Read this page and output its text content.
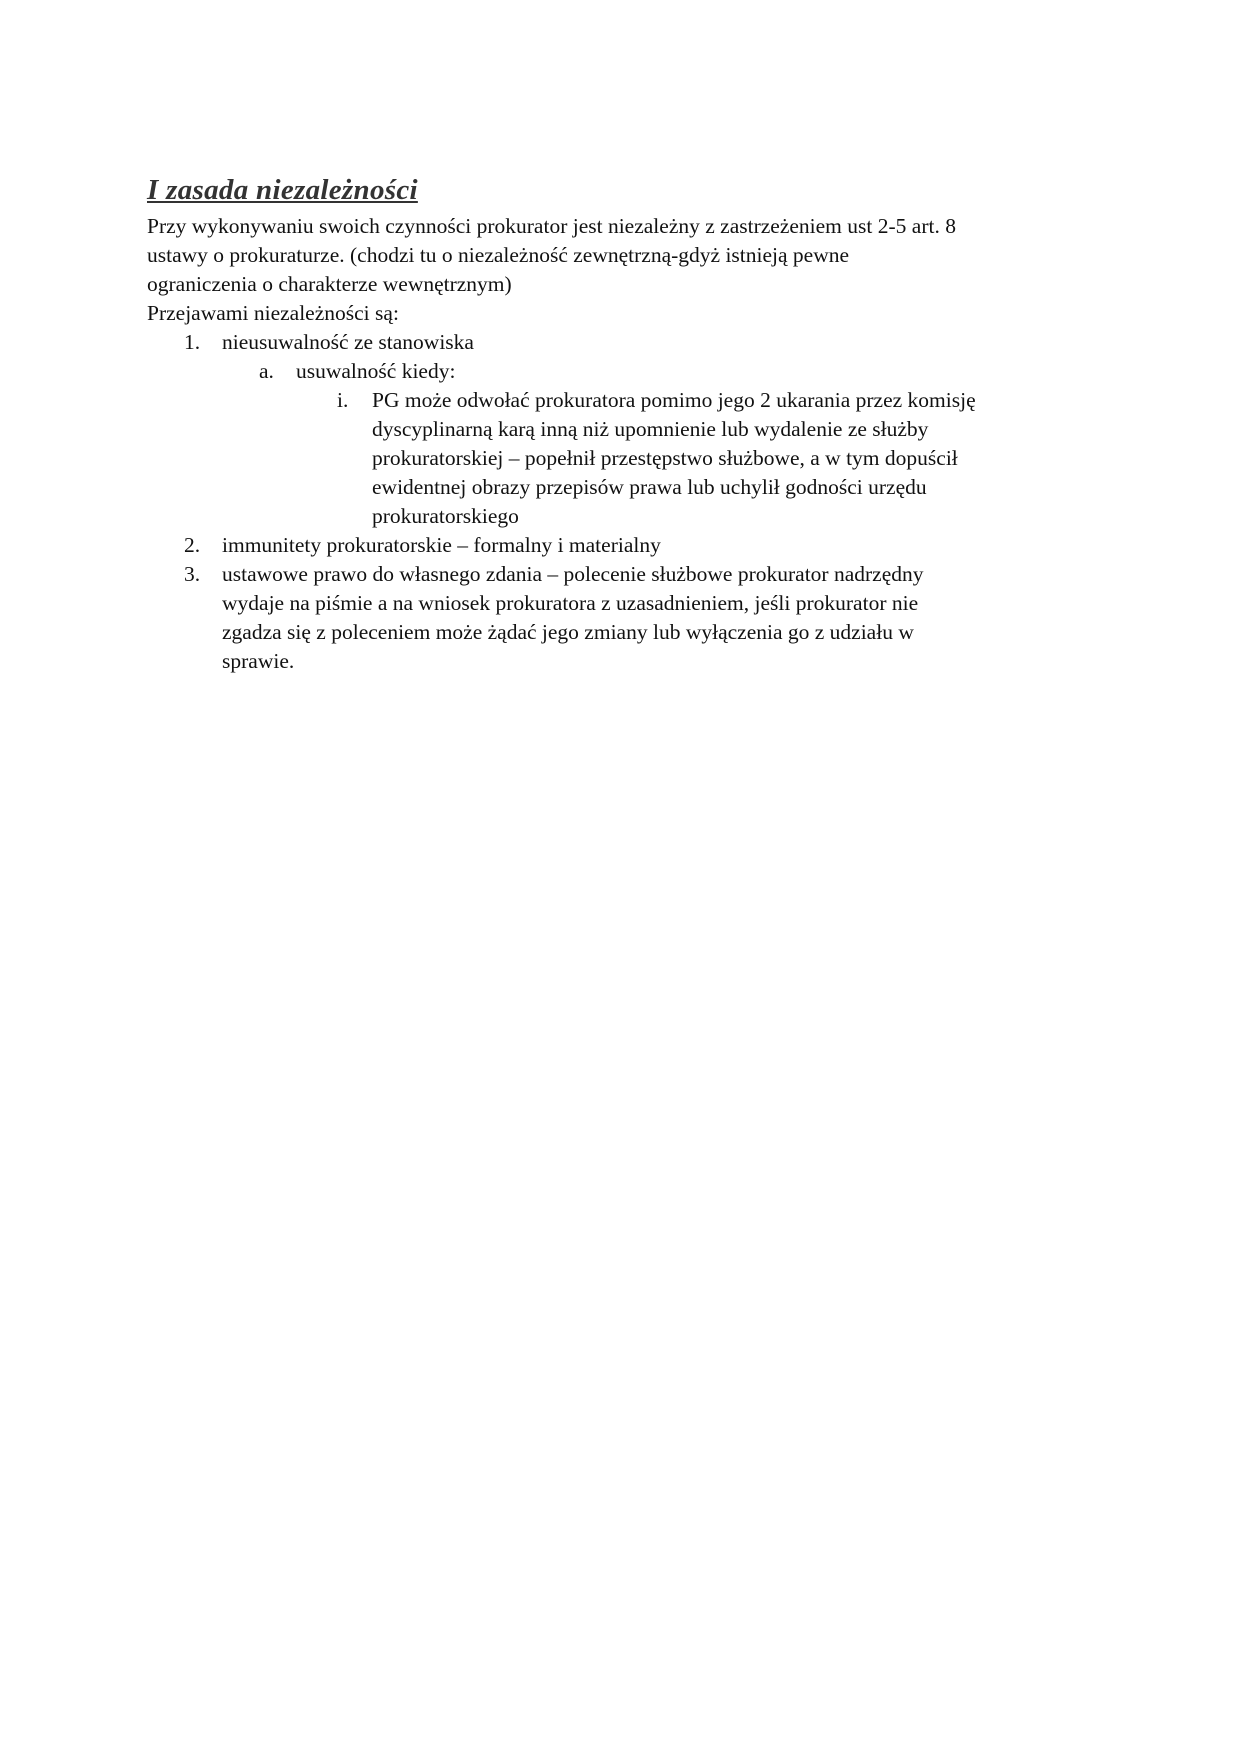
I zasada niezależności

Przy wykonywaniu swoich czynności prokurator jest niezależny z zastrzeżeniem ust 2-5 art. 8
ustawy o prokuraturze. (chodzi tu o niezależność zewnętrzną-gdyż istnieją pewne
ograniczenia o charakterze wewnętrznym)
Przejawami niezależności są:

1. nieusuwalność ze stanowiska
a. usuwalność kiedy:
i. PG może odwołać prokuratora pomimo jego 2 ukarania przez komisję
dyscyplinarną karą inną niż upomnienie lub wydalenie ze służby
prokuratorskiej – popełnił przestępstwo służbowe, a w tym dopuścił
ewidentnej obrazy przepisów prawa lub uchylił godności urzędu
prokuratorskiego
2. immunitety prokuratorskie – formalny i materialny
3. ustawowe prawo do własnego zdania – polecenie służbowe prokurator nadrzędny
wydaje na piśmie a na wniosek prokuratora z uzasadnieniem, jeśli prokurator nie
zgadza się z poleceniem może żądać jego zmiany lub wyłączenia go z udziału w
sprawie.
